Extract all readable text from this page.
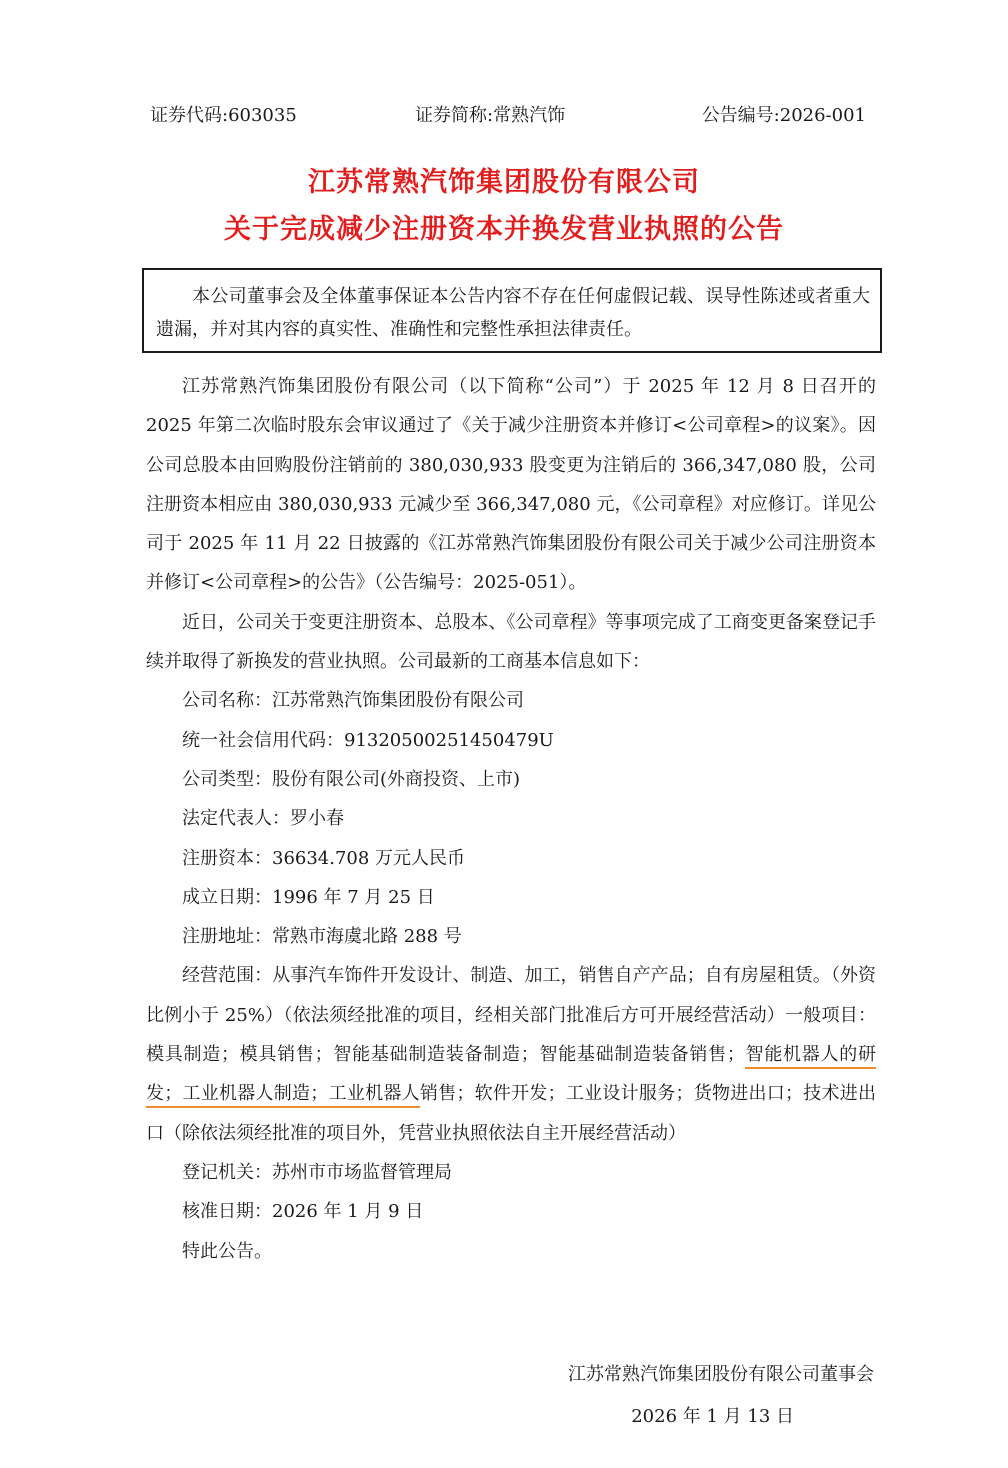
证券代码:603035	证券简称:常熟汽饰	公告编号:2026-001
江苏常熟汽饰集团股份有限公司
关于完成减少注册资本并换发营业执照的公告
本公司董事会及全体董事保证本公告内容不存在任何虚假记载、误导性陈述或者重大遗漏，并对其内容的真实性、准确性和完整性承担法律责任。

江苏常熟汽饰集团股份有限公司（以下简称“公司”）于 2025 年 12 月 8 日召开的 2025 年第二次临时股东会审议通过了《关于减少注册资本并修订<公司章程>的议案》。因公司总股本由回购股份注销前的 380,030,933 股变更为注销后的 366,347,080 股，公司注册资本相应由 380,030,933 元减少至 366,347,080 元，《公司章程》对应修订。详见公司于 2025 年 11 月 22 日披露的《江苏常熟汽饰集团股份有限公司关于减少公司注册资本并修订<公司章程>的公告》（公告编号：2025-051）。

近日，公司关于变更注册资本、总股本、《公司章程》等事项完成了工商变更备案登记手续并取得了新换发的营业执照。公司最新的工商基本信息如下：

公司名称：江苏常熟汽饰集团股份有限公司

统一社会信用代码：91320500251450479U

公司类型：股份有限公司(外商投资、上市)

法定代表人：罗小春

注册资本：36634.708 万元人民币

成立日期：1996 年 7 月 25 日

注册地址：常熟市海虞北路 288 号

经营范围：从事汽车饰件开发设计、制造、加工，销售自产产品；自有房屋租赁。（外资比例小于 25%）（依法须经批准的项目，经相关部门批准后方可开展经营活动）一般项目：模具制造；模具销售；智能基础制造装备制造；智能基础制造装备销售；智能机器人的研发；工业机器人制造；工业机器人销售；软件开发；工业设计服务；货物进出口；技术进出口（除依法须经批准的项目外，凭营业执照依法自主开展经营活动）

登记机关：苏州市市场监督管理局

核准日期：2026 年 1 月 9 日

特此公告。

江苏常熟汽饰集团股份有限公司董事会
2026 年 1 月 13 日
